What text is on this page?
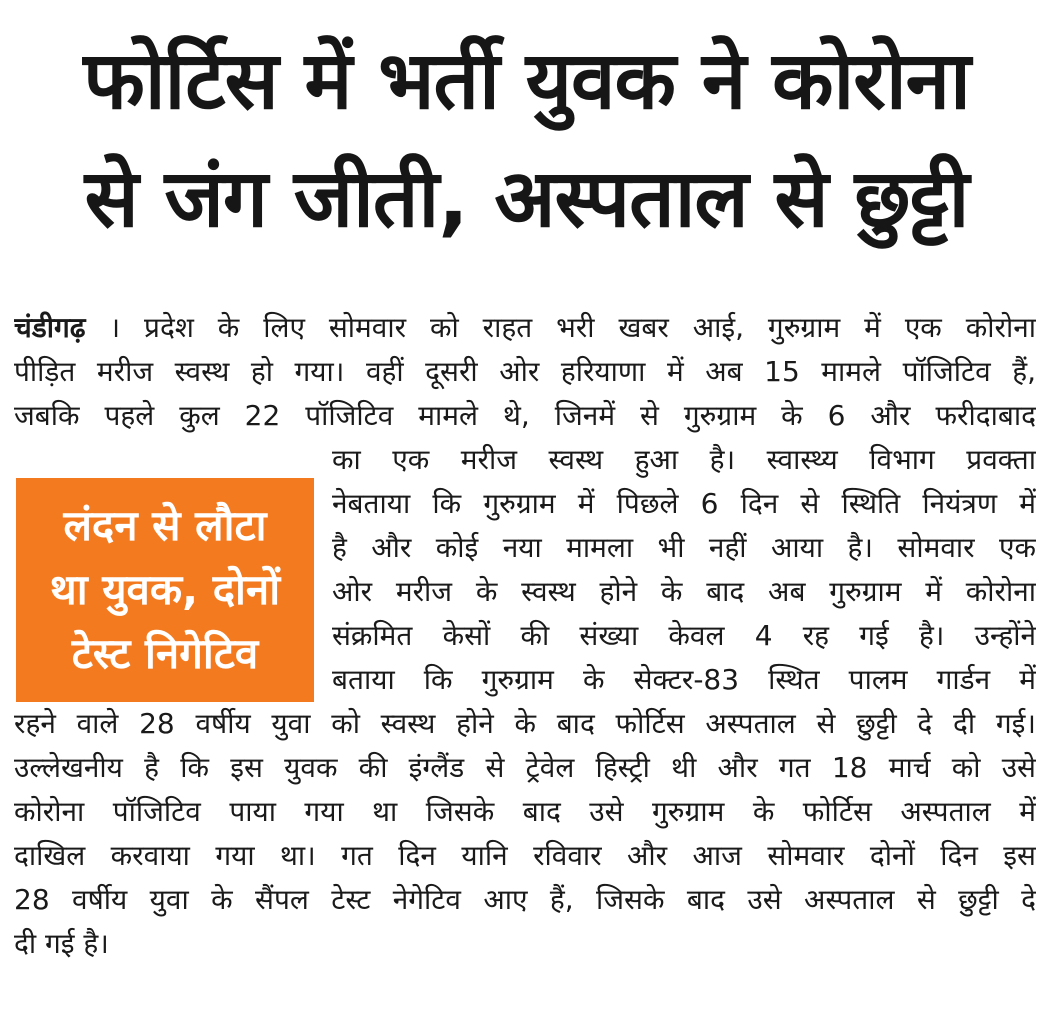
फोर्टिस में भर्ती युवक ने कोरोना
से जंग जीती, अस्पताल से छुट्टी
लंदन से लौटा
था युवक, दोनों
टेस्ट निगेटिव
चंडीगढ़ । प्रदेश के लिए सोमवार को राहत भरी खबर आई, गुरुग्राम में एक कोरोना
पीड़ित मरीज स्वस्थ हो गया। वहीं दूसरी ओर हरियाणा में अब 15 मामले पॉजिटिव हैं,
जबकि पहले कुल 22 पॉजिटिव मामले थे, जिनमें से गुरुग्राम के 6 और फरीदाबाद
का एक मरीज स्वस्थ हुआ है। स्वास्थ्य विभाग प्रवक्ता
नेबताया कि गुरुग्राम में पिछले 6 दिन से स्थिति नियंत्रण में
है और कोई नया मामला भी नहीं आया है। सोमवार एक
ओर मरीज के स्वस्थ होने के बाद अब गुरुग्राम में कोरोना
संक्रमित केसों की संख्या केवल 4 रह गई है। उन्होंने
बताया कि गुरुग्राम के सेक्टर-83 स्थित पालम गार्डन में
रहने वाले 28 वर्षीय युवा को स्वस्थ होने के बाद फोर्टिस अस्पताल से छुट्टी दे दी गई।
उल्लेखनीय है कि इस युवक की इंग्लैंड से ट्रेवेल हिस्ट्री थी और गत 18 मार्च को उसे
कोरोना पॉजिटिव पाया गया था जिसके बाद उसे गुरुग्राम के फोर्टिस अस्पताल में
दाखिल करवाया गया था। गत दिन यानि रविवार और आज सोमवार दोनों दिन इस
28 वर्षीय युवा के सैंपल टेस्ट नेगेटिव आए हैं, जिसके बाद उसे अस्पताल से छुट्टी दे
दी गई है।
